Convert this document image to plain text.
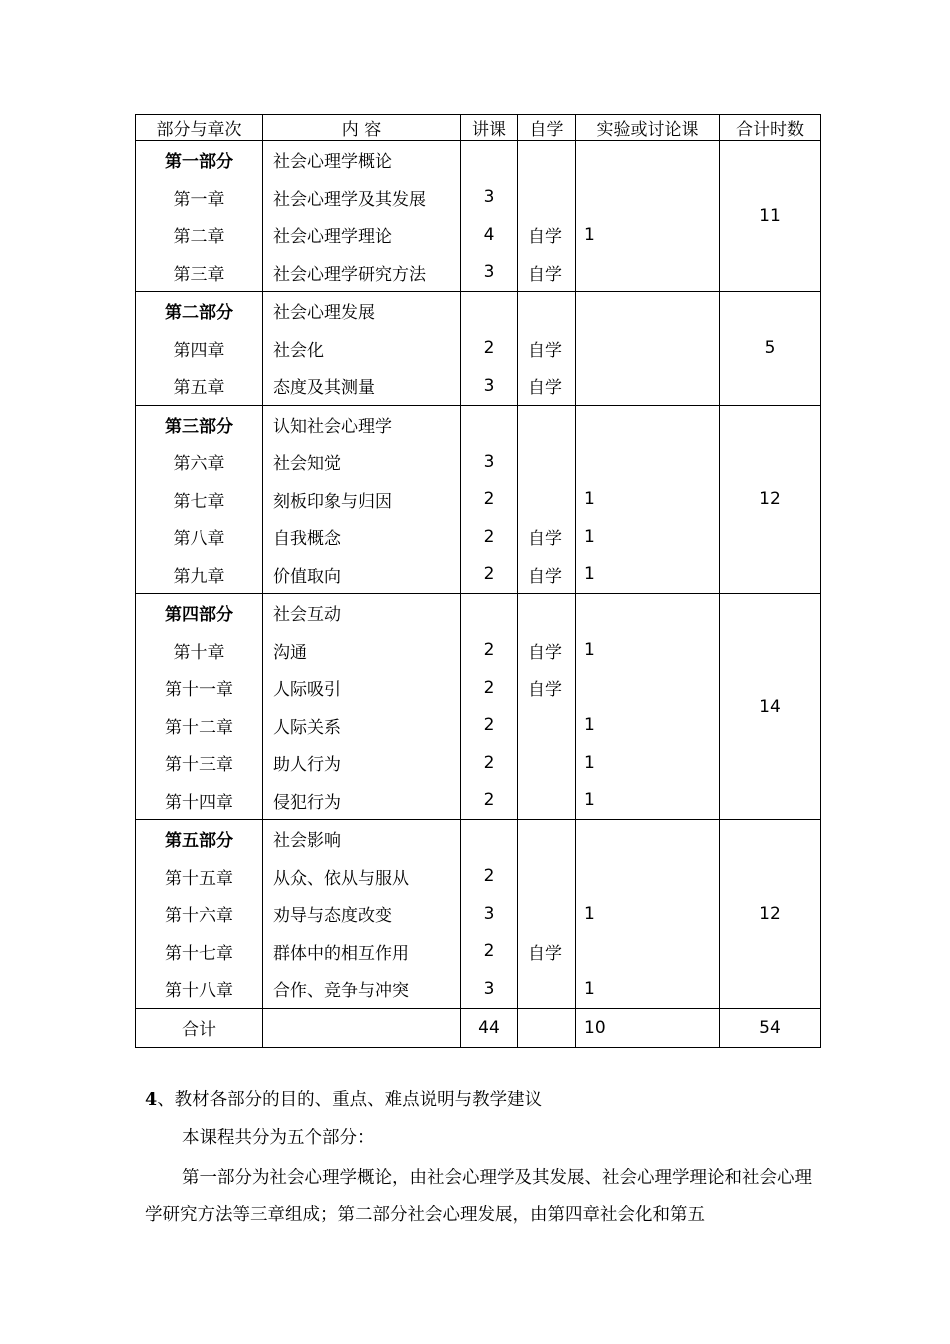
部分与章次	内 容	讲课	自学	实验或讨论课	合计时数
第一部分	社会心理学概论				11
第一章	社会心理学及其发展	3			
第二章	社会心理学理论	4	自学	1	
第三章	社会心理学研究方法	3	自学		
第二部分	社会心理发展				5
第四章	社会化	2	自学		
第五章	态度及其测量	3	自学		
第三部分	认知社会心理学				12
第六章	社会知觉	3			
第七章	刻板印象与归因	2		1	
第八章	自我概念	2	自学	1	
第九章	价值取向	2	自学	1	
第四部分	社会互动				14
第十章	沟通	2	自学	1	
第十一章	人际吸引	2	自学		
第十二章	人际关系	2		1	
第十三章	助人行为	2		1	
第十四章	侵犯行为	2		1	
第五部分	社会影响				12
第十五章	从众、依从与服从	2			
第十六章	劝导与态度改变	3		1	
第十七章	群体中的相互作用	2	自学		
第十八章	合作、竞争与冲突	3		1	
合计		44		10	54
4、教材各部分的目的、重点、难点说明与教学建议
本课程共分为五个部分：
第一部分为社会心理学概论，由社会心理学及其发展、社会心理学理论和社会心理学研究方法等三章组成；第二部分社会心理发展，由第四章社会化和第五
